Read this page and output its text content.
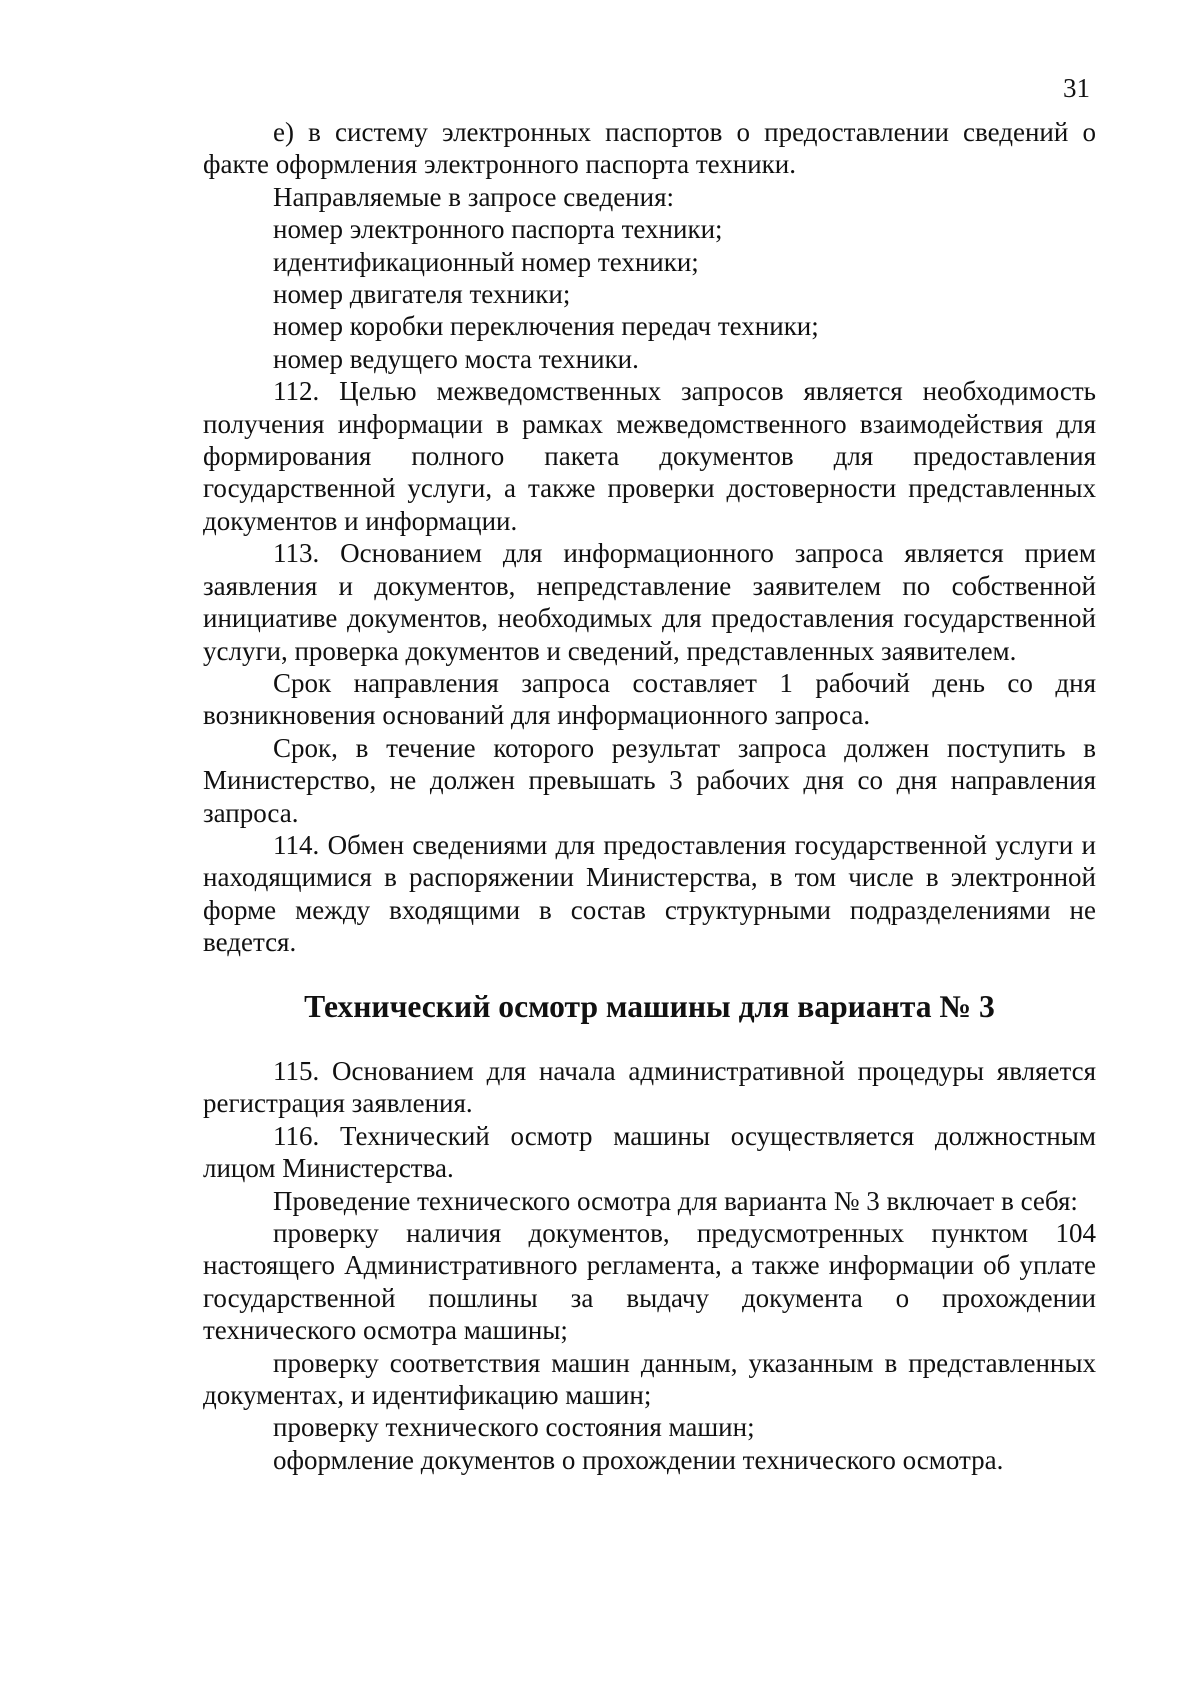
31

е) в систему электронных паспортов о предоставлении сведений о факте оформления электронного паспорта техники.

Направляемые в запросе сведения:

номер электронного паспорта техники;

идентификационный номер техники;

номер двигателя техники;

номер коробки переключения передач техники;

номер ведущего моста техники.

112. Целью межведомственных запросов является необходимость получения информации в рамках межведомственного взаимодействия для формирования полного пакета документов для предоставления государственной услуги, а также проверки достоверности представленных документов и информации.

113. Основанием для информационного запроса является прием заявления и документов, непредставление заявителем по собственной инициативе документов, необходимых для предоставления государственной услуги, проверка документов и сведений, представленных заявителем.

Срок направления запроса составляет 1 рабочий день со дня возникновения оснований для информационного запроса.

Срок, в течение которого результат запроса должен поступить в Министерство, не должен превышать 3 рабочих дня со дня направления запроса.

114. Обмен сведениями для предоставления государственной услуги и находящимися в распоряжении Министерства, в том числе в электронной форме между входящими в состав структурными подразделениями не ведется.

Технический осмотр машины для варианта № 3

115. Основанием для начала административной процедуры является регистрация заявления.

116. Технический осмотр машины осуществляется должностным лицом Министерства.

Проведение технического осмотра для варианта № 3 включает в себя:

проверку наличия документов, предусмотренных пунктом 104 настоящего Административного регламента, а также информации об уплате государственной пошлины за выдачу документа о прохождении технического осмотра машины;

проверку соответствия машин данным, указанным в представленных документах, и идентификацию машин;

проверку технического состояния машин;

оформление документов о прохождении технического осмотра.
